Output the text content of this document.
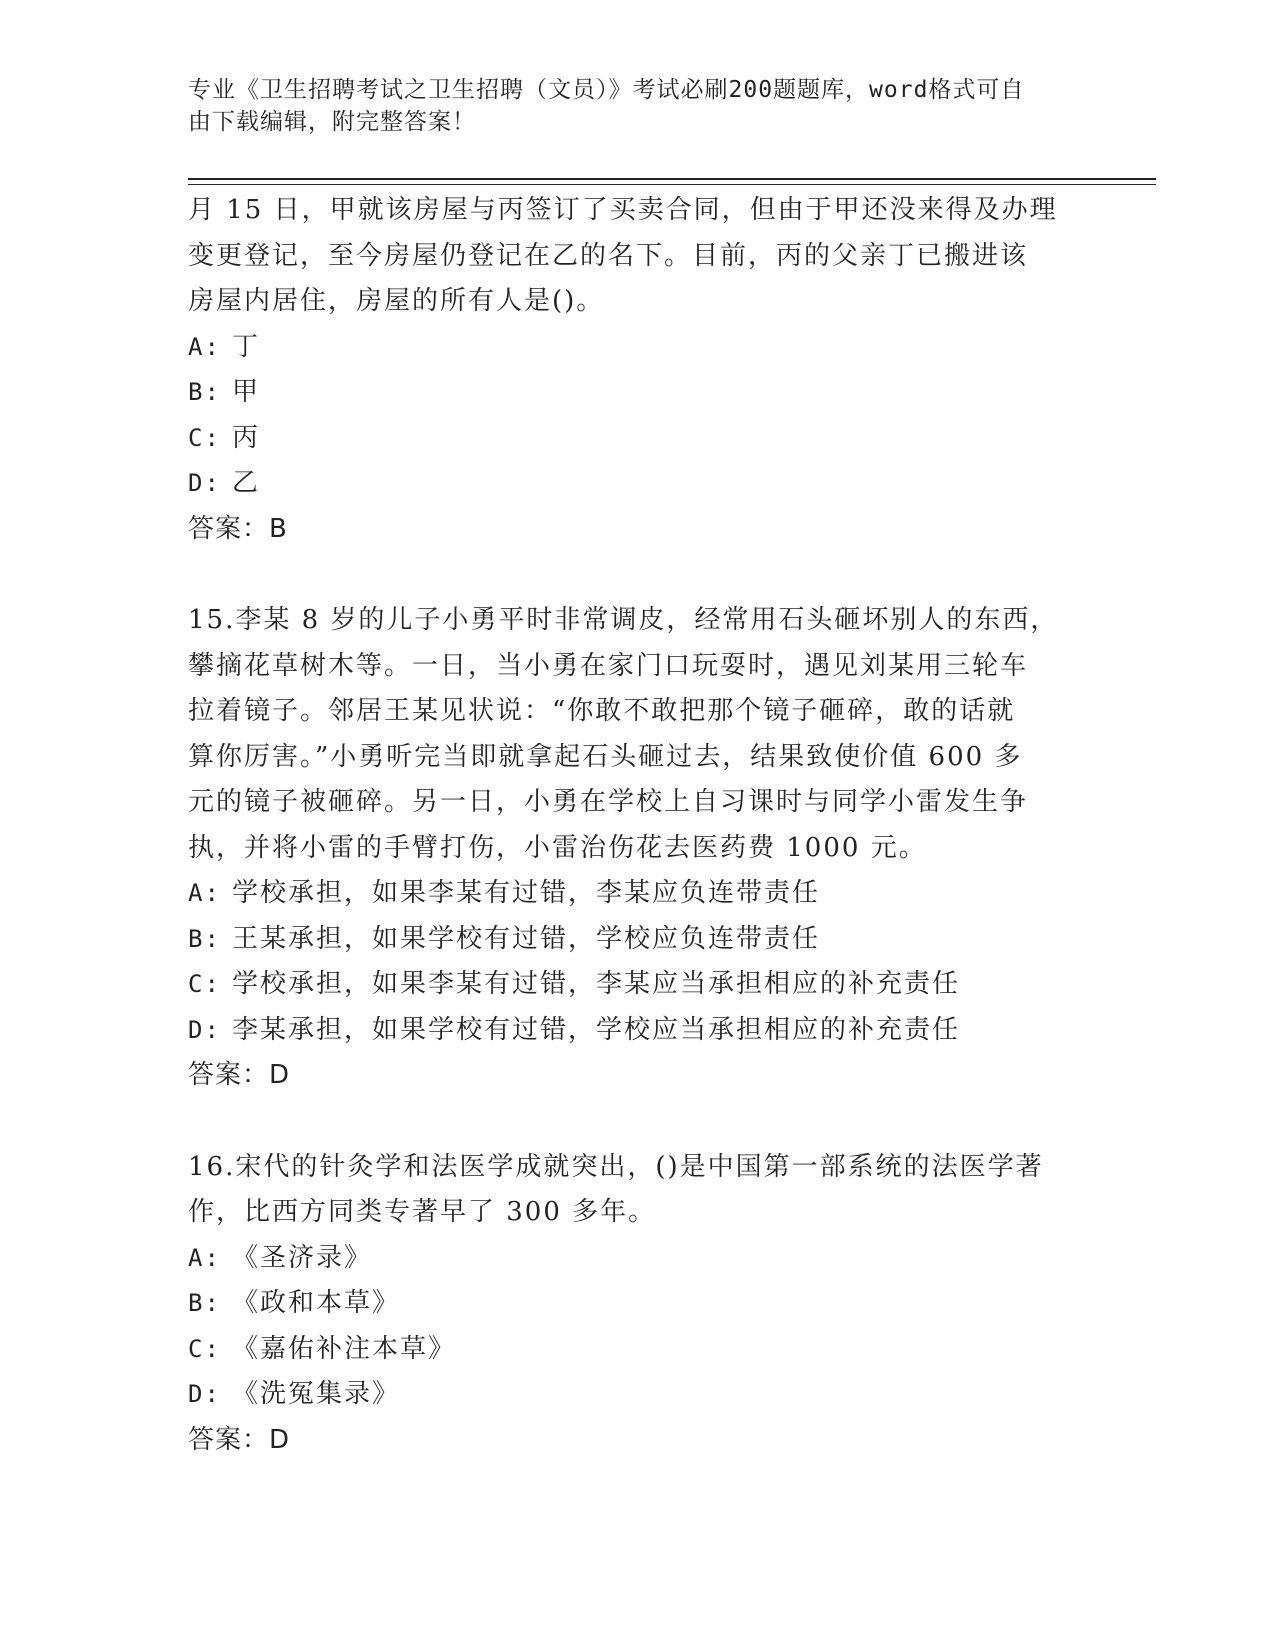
专业《卫生招聘考试之卫生招聘（文员）》考试必刷200题题库，word格式可自
由下载编辑，附完整答案！

月 15 日，甲就该房屋与丙签订了买卖合同，但由于甲还没来得及办理

变更登记，至今房屋仍登记在乙的名下。目前，丙的父亲丁已搬进该

房屋内居住，房屋的所有人是()。

A: 丁

B: 甲

C: 丙

D: 乙

答案：B

15.李某 8 岁的儿子小勇平时非常调皮，经常用石头砸坏别人的东西，

攀摘花草树木等。一日，当小勇在家门口玩耍时，遇见刘某用三轮车

拉着镜子。邻居王某见状说：“你敢不敢把那个镜子砸碎，敢的话就

算你厉害。”小勇听完当即就拿起石头砸过去，结果致使价值 600 多

元的镜子被砸碎。另一日，小勇在学校上自习课时与同学小雷发生争

执，并将小雷的手臂打伤，小雷治伤花去医药费 1000 元。

A: 学校承担，如果李某有过错，李某应负连带责任

B: 王某承担，如果学校有过错，学校应负连带责任

C: 学校承担，如果李某有过错，李某应当承担相应的补充责任

D: 李某承担，如果学校有过错，学校应当承担相应的补充责任

答案：D

16.宋代的针灸学和法医学成就突出，()是中国第一部系统的法医学著

作，比西方同类专著早了 300 多年。

A: 《圣济录》

B: 《政和本草》

C: 《嘉佑补注本草》

D: 《洗冤集录》

答案：D
